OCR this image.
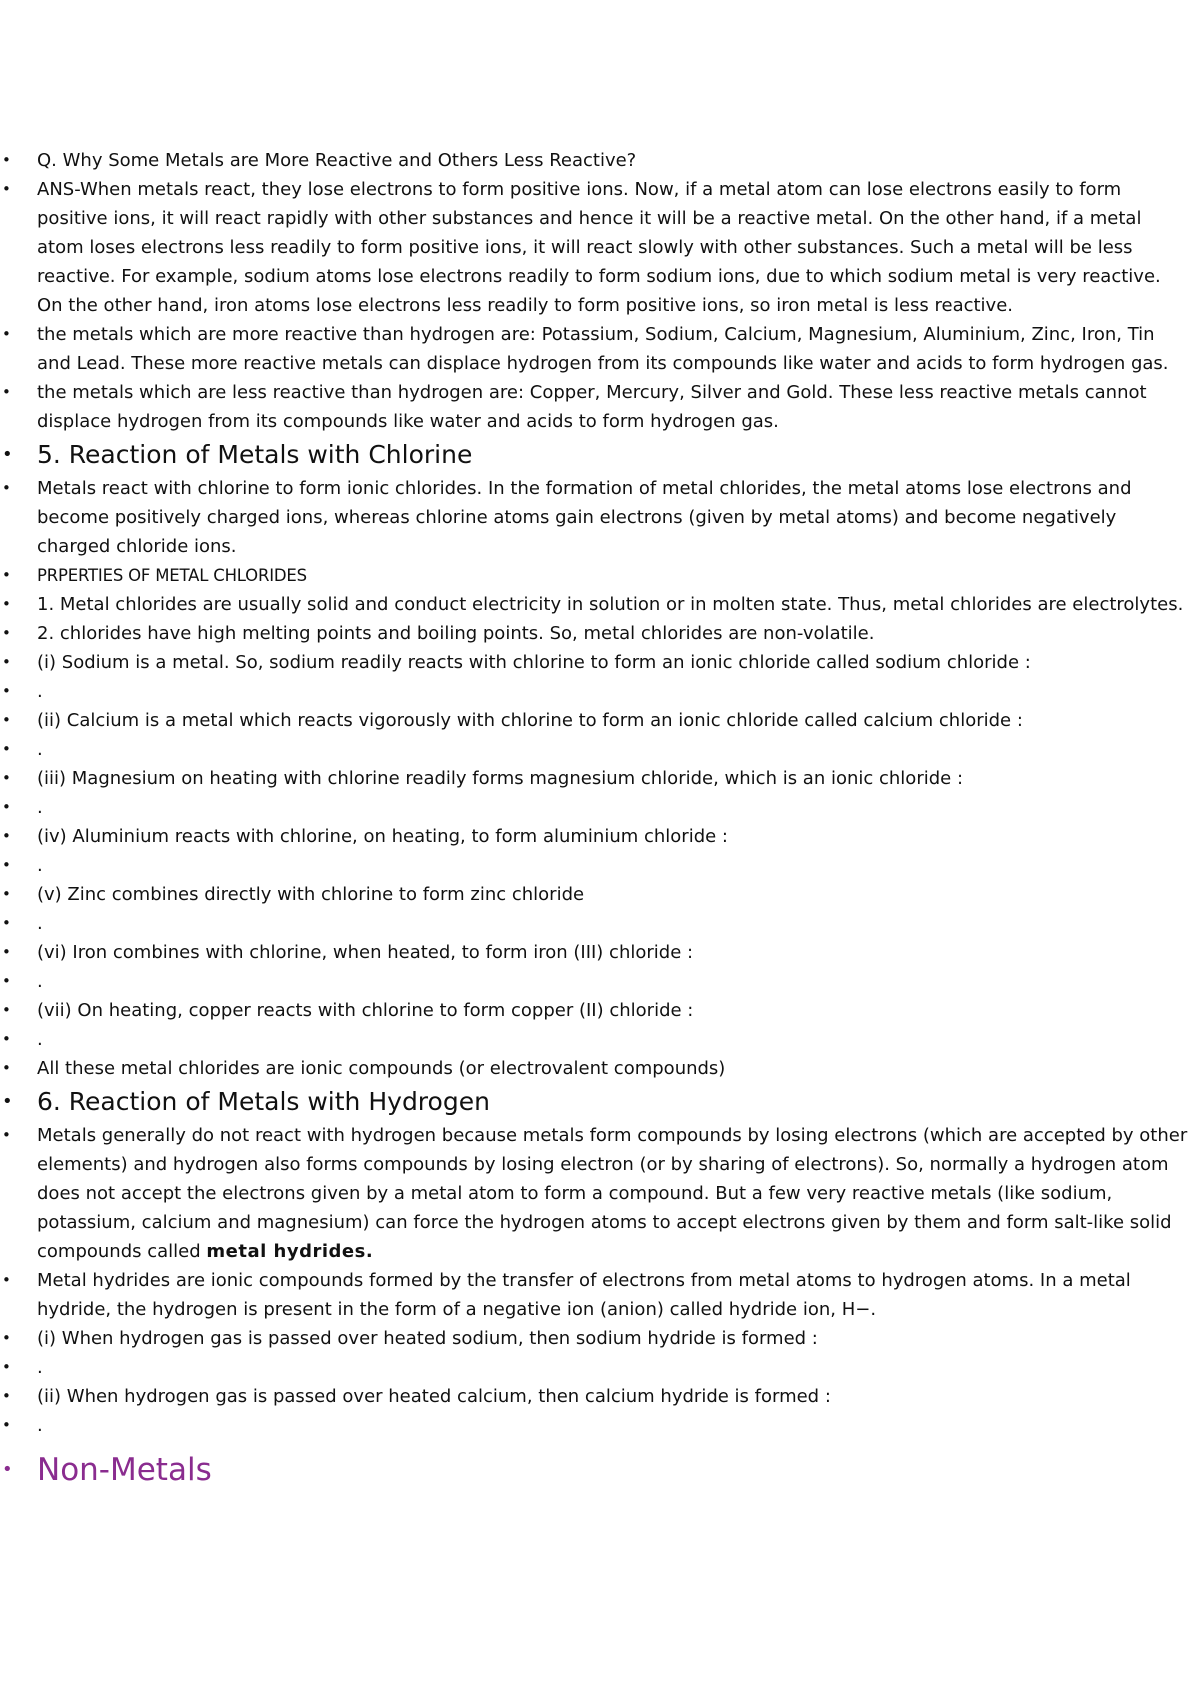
• Q. Why Some Metals are More Reactive and Others Less Reactive?

• ANS-When metals react, they lose electrons to form positive ions. Now, if a metal atom can lose electrons easily to form positive ions, it will react rapidly with other substances and hence it will be a reactive metal. On the other hand, if a metal atom loses electrons less readily to form positive ions, it will react slowly with other substances. Such a metal will be less reactive. For example, sodium atoms lose electrons readily to form sodium ions, due to which sodium metal is very reactive. On the other hand, iron atoms lose electrons less readily to form positive ions, so iron metal is less reactive.

• the metals which are more reactive than hydrogen are: Potassium, Sodium, Calcium, Magnesium, Aluminium, Zinc, Iron, Tin and Lead. These more reactive metals can displace hydrogen from its compounds like water and acids to form hydrogen gas.

• the metals which are less reactive than hydrogen are: Copper, Mercury, Silver and Gold. These less reactive metals cannot displace hydrogen from its compounds like water and acids to form hydrogen gas.

• 5. Reaction of Metals with Chlorine

• Metals react with chlorine to form ionic chlorides. In the formation of metal chlorides, the metal atoms lose electrons and become positively charged ions, whereas chlorine atoms gain electrons (given by metal atoms) and become negatively charged chloride ions.

• PRPERTIES OF METAL CHLORIDES

• 1. Metal chlorides are usually solid and conduct electricity in solution or in molten state. Thus, metal chlorides are electrolytes.

• 2. chlorides have high melting points and boiling points. So, metal chlorides are non-volatile.

• (i) Sodium is a metal. So, sodium readily reacts with chlorine to form an ionic chloride called sodium chloride :

• .

• (ii) Calcium is a metal which reacts vigorously with chlorine to form an ionic chloride called calcium chloride :

• .

• (iii) Magnesium on heating with chlorine readily forms magnesium chloride, which is an ionic chloride :

• .

• (iv) Aluminium reacts with chlorine, on heating, to form aluminium chloride :

• .

• (v) Zinc combines directly with chlorine to form zinc chloride

• .

• (vi) Iron combines with chlorine, when heated, to form iron (III) chloride :

• .

• (vii) On heating, copper reacts with chlorine to form copper (II) chloride :

• .

• All these metal chlorides are ionic compounds (or electrovalent compounds)

• 6. Reaction of Metals with Hydrogen

• Metals generally do not react with hydrogen because metals form compounds by losing electrons (which are accepted by other elements) and hydrogen also forms compounds by losing electron (or by sharing of electrons). So, normally a hydrogen atom does not accept the electrons given by a metal atom to form a compound. But a few very reactive metals (like sodium, potassium, calcium and magnesium) can force the hydrogen atoms to accept electrons given by them and form salt-like solid compounds called metal hydrides.

• Metal hydrides are ionic compounds formed by the transfer of electrons from metal atoms to hydrogen atoms. In a metal hydride, the hydrogen is present in the form of a negative ion (anion) called hydride ion, H−.

• (i) When hydrogen gas is passed over heated sodium, then sodium hydride is formed :

• .

• (ii) When hydrogen gas is passed over heated calcium, then calcium hydride is formed :

• .

• Non-Metals
